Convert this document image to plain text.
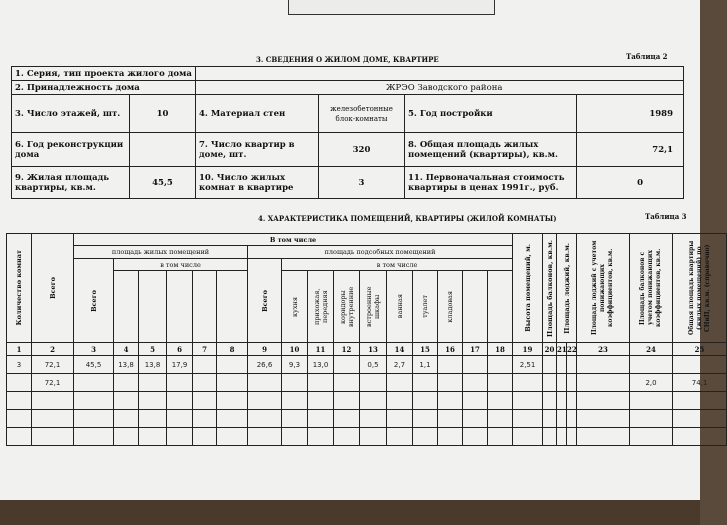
3. СВЕДЕНИЯ О ЖИЛОМ ДОМЕ, КВАРТИРЕ	Таблица 2
1. Серия, тип проекта жилого дома					
2. Принадлежность дома		ЖРЭО Заводского района			
3. Число этажей, шт.	10	4. Материал стен	железобетонные блок-комнаты	5. Год постройки	1989
6. Год реконструкции дома		7. Число квартир в доме, шт.	320	8. Общая площадь жилых помещений (квартиры), кв.м.	72,1
9. Жилая площадь квартиры, кв.м.	45,5	10. Число жилых комнат в квартире	3	11. Первоначальная стоимость квартиры в ценах 1991г., руб.	0
4. ХАРАКТЕРИСТИКА ПОМЕЩЕНИЙ, КВАРТИРЫ (ЖИЛОЙ КОМНАТЫ)	Таблица 3
Количество комнат	Всего	В том числе																Высота помещений, м.	Площадь балконов, кв.м.	Площадь лоджий, кв.м.		Площадь лоджий с учетом понижающих коэффициентов, кв.м.	Площадь балконов с учетом понижающих коэффициентов, кв.м.	Общая площадь квартиры (жилых помещений) по СНиП, кв.м. (справочно)

		площадь жилых помещений						площадь подсобных помещений																

		Всего	в том числе					Всего	в том числе															

									кухня	прихожая, передняя	коридоры внутренние	встроенные шкафы	ванная	туалет	кладовая									

1	2	3	4	5	6	7	8	9	10	11	12	13	14	15	16	17	18	19	20	21	22	23	24	25
3	72,1	45,5	13,8	13,8	17,9			26,6	9,3	13,0		0,5	2,7	1,1				2,51						
	72,1																						2,0	74,1
